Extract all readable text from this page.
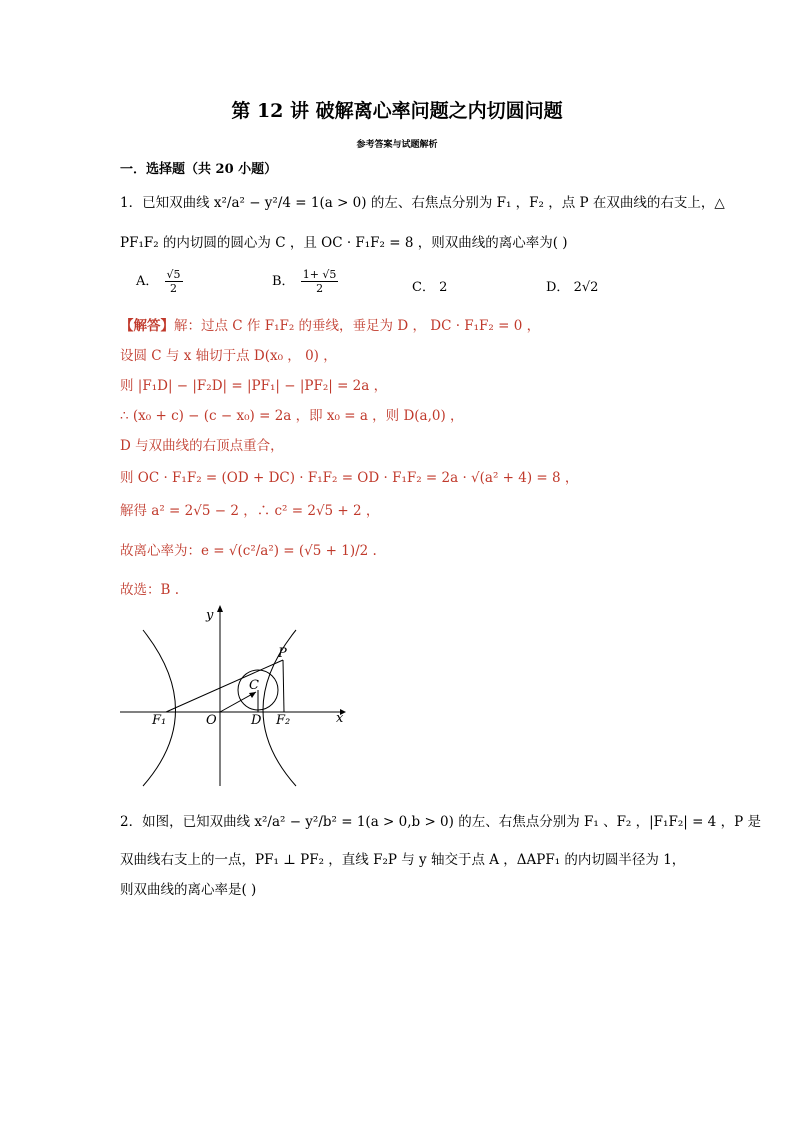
第 12 讲 破解离心率问题之内切圆问题
参考答案与试题解析
一．选择题（共 20 小题）
1．已知双曲线 x²/a² − y²/4 = 1(a > 0) 的左、右焦点分别为 F₁ ，F₂ ，点 P 在双曲线的右支上，△
PF₁F₂ 的内切圆的圆心为 C ，且 OC · F₁F₂ = 8 ，则双曲线的离心率为( )
A． $\frac{√5}{2}$	B． $\frac{1+ √5}{2}$	C． 2	D． 2√2
【解答】解：过点 C 作 F₁F₂ 的垂线，垂足为 D ， DC · F₁F₂ = 0 ，
设圆 C 与 x 轴切于点 D(x₀ ， 0) ，
则 |F₁D| − |F₂D| = |PF₁| − |PF₂| = 2a ，
∴ (x₀ + c) − (c − x₀) = 2a ，即 x₀ = a ，则 D(a,0) ，
D 与双曲线的右顶点重合，
则 OC · F₁F₂ = (OD + DC) · F₁F₂ = OD · F₁F₂ = 2a · √(a² + 4) = 8 ，
解得 a² = 2√5 − 2 ，∴ c² = 2√5 + 2 ，
故离心率为：e = √(c²/a²) = (√5 + 1)/2 .
故选：B .
y
x
P
C
F₁	O	D F₂
2．如图，已知双曲线 x²/a² − y²/b² = 1(a > 0,b > 0) 的左、右焦点分别为 F₁ 、F₂ ，|F₁F₂| = 4 ，P 是
双曲线右支上的一点，PF₁ ⊥ PF₂ ，直线 F₂P 与 y 轴交于点 A ，ΔAPF₁ 的内切圆半径为 1，
则双曲线的离心率是( )
